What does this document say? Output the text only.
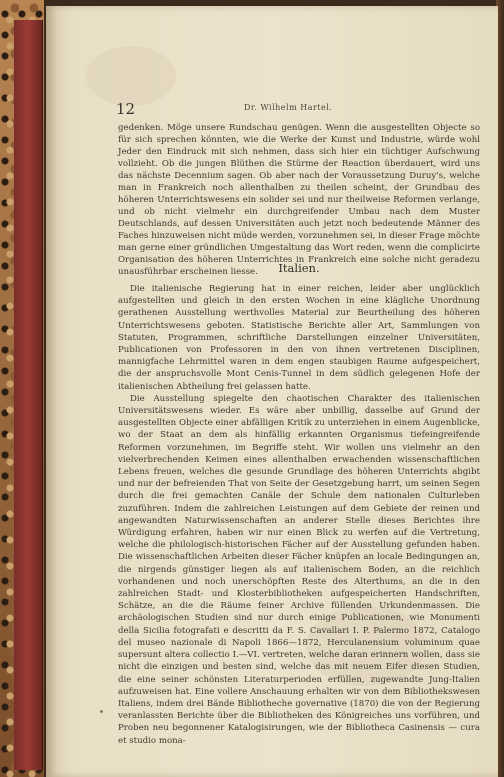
12	Dr. Wilhelm Hartel.

gedenken. Möge unsere Rundschau genügen. Wenn die ausgestellten Objecte so für sich sprechen könnten, wie die Werke der Kunst und Industrie, würde wohl Jeder den Eindruck mit sich nehmen, dass sich hier ein tüchtiger Aufschwung vollzieht. Ob die jungen Blüthen die Stürme der Reaction überdauert, wird uns das nächste Decennium sagen. Ob aber nach der Voraussetzung Duruy's, welche man in Frankreich noch allenthalben zu theilen scheint, der Grundbau des höheren Unterrichtswesens ein solider sei und nur theilweise Reformen verlange, und ob nicht vielmehr ein durchgreifender Umbau nach dem Muster Deutschlands, auf dessen Universitäten auch jetzt noch bedeutende Männer des Faches hinzuweisen nicht müde werden, vorzunehmen sei, in dieser Frage möchte man gerne einer gründlichen Umgestaltung das Wort reden, wenn die complicirte Organisation des höheren Unterrichtes in Frankreich eine solche nicht geradezu unausführbar erscheinen liesse.	Italien.

Die italienische Regierung hat in einer reichen, leider aber unglücklich aufgestellten und gleich in den ersten Wochen in eine klägliche Unordnung gerathenen Ausstellung werthvolles Material zur Beurtheilung des höheren Unterrichtswesens geboten. Statistische Berichte aller Art, Sammlungen von Statuten, Programmen, schriftliche Darstellungen einzelner Universitäten, Publicationen von Professoren in den von ihnen vertretenen Disciplinen, mannigfache Lehrmittel waren in dem engen staubigen Raume aufgespeichert, die der anspruchsvolle Mont Cenis-Tunnel in dem südlich gelegenen Hofe der italienischen Abtheilung frei gelassen hatte.

Die Ausstellung spiegelte den chaotischen Charakter des italienischen Universitätswesens wieder. Es wäre aber unbillig, dasselbe auf Grund der ausgestellten Objecte einer abfälligen Kritik zu unterziehen in einem Augenblicke, wo der Staat an dem als hinfällig erkannten Organismus tiefeingreifende Reformen vorzunehmen, im Begriffe steht. Wir wollen uns vielmehr an den vielverbrechenden Keimen eines allenthalben erwachenden wissenschaftlichen Lebens freuen, welches die gesunde Grundlage des höheren Unterrichts abgibt und nur der befreienden That von Seite der Gesetzgebung harrt, um seinen Segen durch die frei gemachten Canäle der Schule dem nationalen Culturleben zuzuführen. Indem die zahlreichen Leistungen auf dem Gebiete der reinen und angewandten Naturwissenschaften an anderer Stelle dieses Berichtes ihre Würdigung erfahren, haben wir nur einen Blick zu werfen auf die Vertretung, welche die philologisch-historischen Fächer auf der Ausstellung gefunden haben. Die wissenschaftlichen Arbeiten dieser Fächer knüpfen an locale Bedingungen an, die nirgends günstiger liegen als auf italienischem Boden, an die reichlich vorhandenen und noch unerschöpften Reste des Alterthums, an die in den zahlreichen Stadt- und Klosterbibliotheken aufgespeicherten Handschriften, Schätze, an die die Räume feiner Archive füllenden Urkundenmassen. Die archäologischen Studien sind nur durch einige Publicationen, wie Monumenti della Sicilia fotografati e descritti da F. S. Cavallari I. P. Palermo 1872, Catalogo del museo nazionale di Napoli 1866—1872, Herculanensium voluminum quae supersunt altera collectio I.—VI. vertreten, welche daran erinnern wollen, dass sie nicht die einzigen und besten sind, welche das mit neuem Eifer diesen Studien, die eine seiner schönsten Literaturperioden erfüllen, zugewandte Jung-Italien aufzuweisen hat. Eine vollere Anschauung erhalten wir von dem Bibliothekswesen Italiens, indem drei Bände Bibliotheche governative (1870) die von der Regierung veranlassten Berichte über die Bibliotheken des Königreiches uns vorführen, und Proben neu begonnener Katalogisirungen, wie der Bibliotheca Casinensis — cura et studio mona-
